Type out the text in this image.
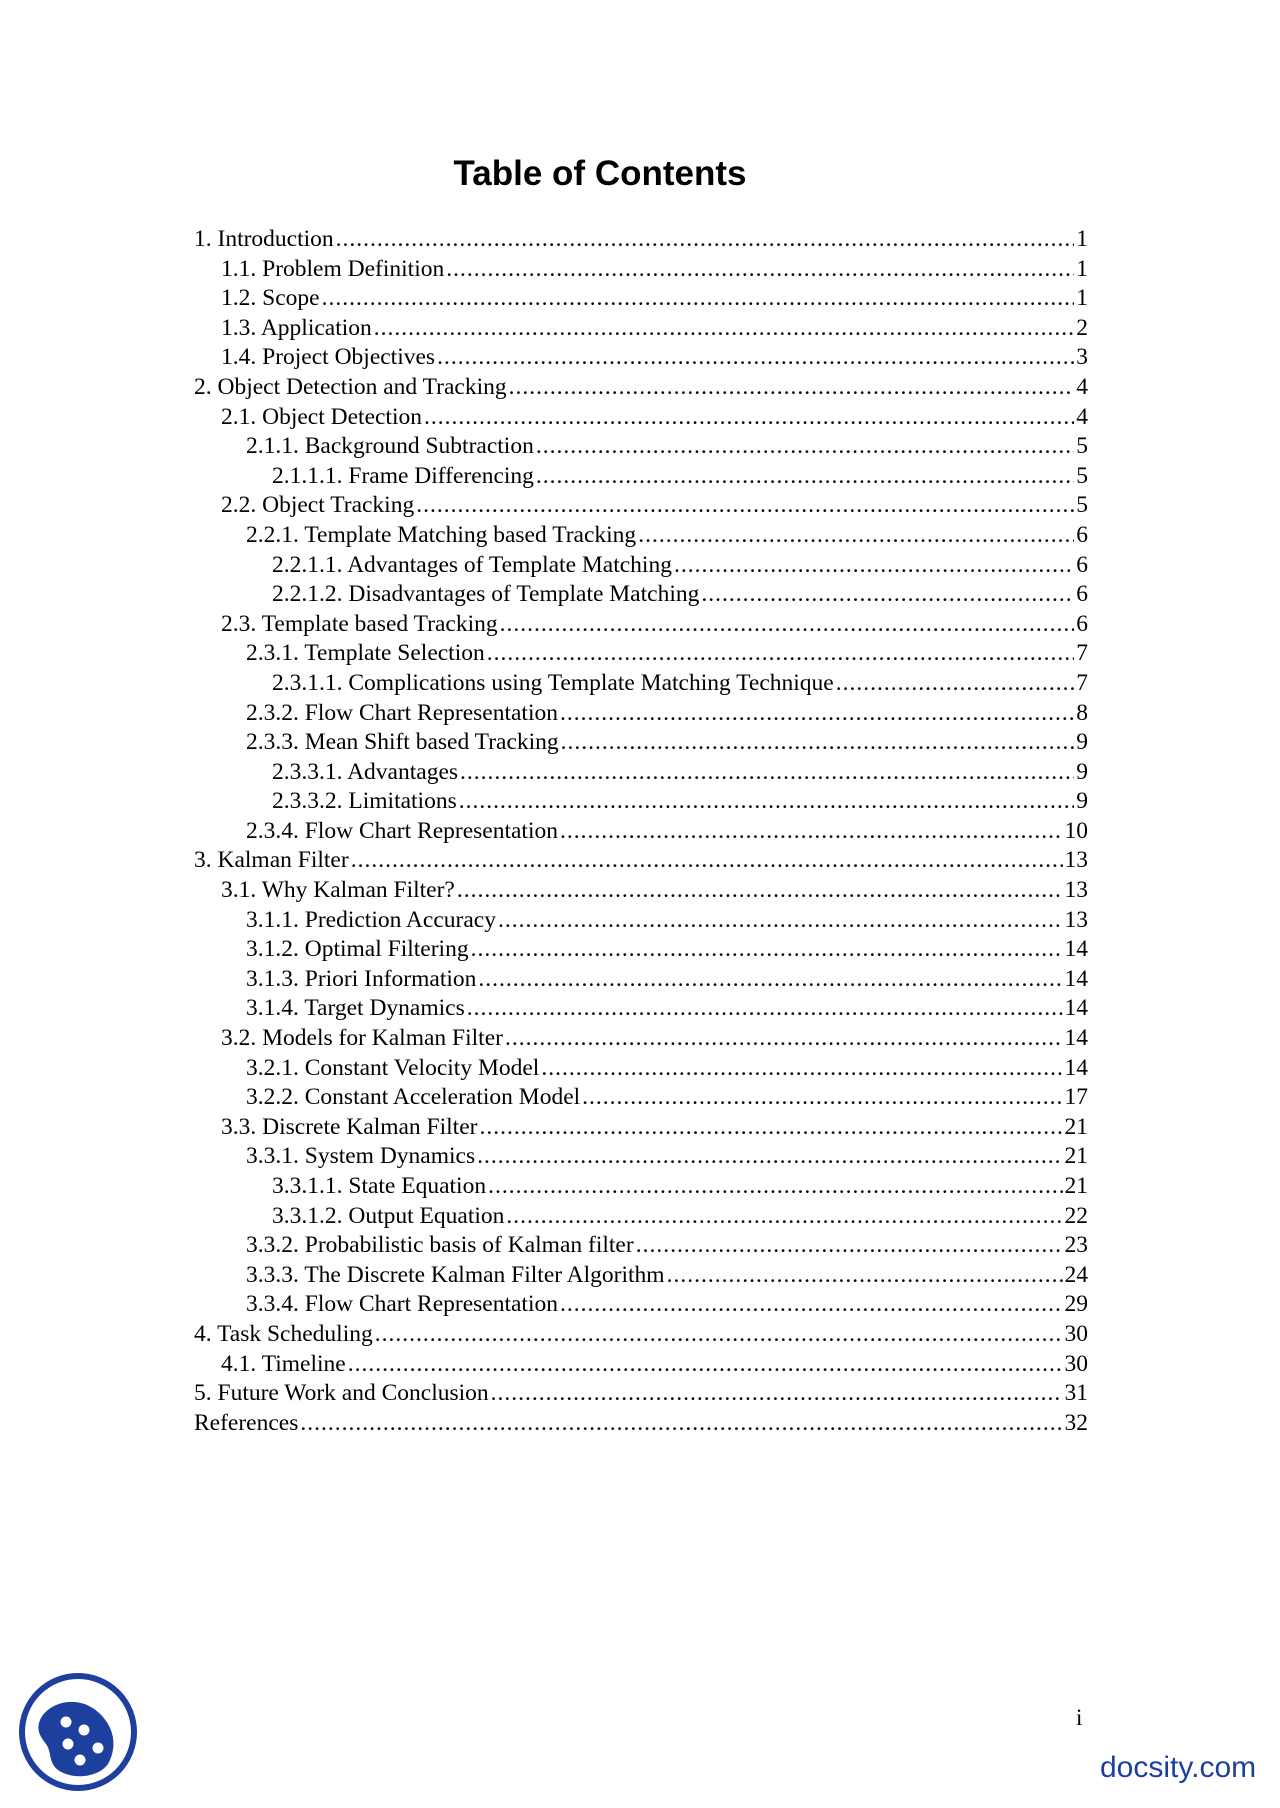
Table of Contents
1. Introduction .....	1
1.1. Problem Definition .....	1
1.2. Scope .....	1
1.3. Application .....	2
1.4. Project Objectives .....	3
2. Object Detection and Tracking .....	4
2.1. Object Detection .....	4
2.1.1. Background Subtraction .....	5
2.1.1.1. Frame Differencing .....	5
2.2. Object Tracking .....	5
2.2.1. Template Matching based Tracking .....	6
2.2.1.1. Advantages of Template Matching .....	6
2.2.1.2. Disadvantages of Template Matching .....	6
2.3. Template based Tracking .....	6
2.3.1. Template Selection .....	7
2.3.1.1. Complications using Template Matching Technique .....	7
2.3.2. Flow Chart Representation .....	8
2.3.3. Mean Shift based Tracking .....	9
2.3.3.1. Advantages .....	9
2.3.3.2. Limitations .....	9
2.3.4. Flow Chart Representation .....	10
3. Kalman Filter .....	13
3.1. Why Kalman Filter? .....	13
3.1.1. Prediction Accuracy .....	13
3.1.2. Optimal Filtering .....	14
3.1.3. Priori Information .....	14
3.1.4. Target Dynamics .....	14
3.2. Models for Kalman Filter .....	14
3.2.1. Constant Velocity Model .....	14
3.2.2. Constant Acceleration Model .....	17
3.3. Discrete Kalman Filter .....	21
3.3.1. System Dynamics .....	21
3.3.1.1. State Equation .....	21
3.3.1.2. Output Equation .....	22
3.3.2. Probabilistic basis of Kalman filter .....	23
3.3.3. The Discrete Kalman Filter Algorithm .....	24
3.3.4. Flow Chart Representation .....	29
4. Task Scheduling .....	30
4.1. Timeline .....	30
5. Future Work and Conclusion .....	31
References .....	32
i
docsity.com
